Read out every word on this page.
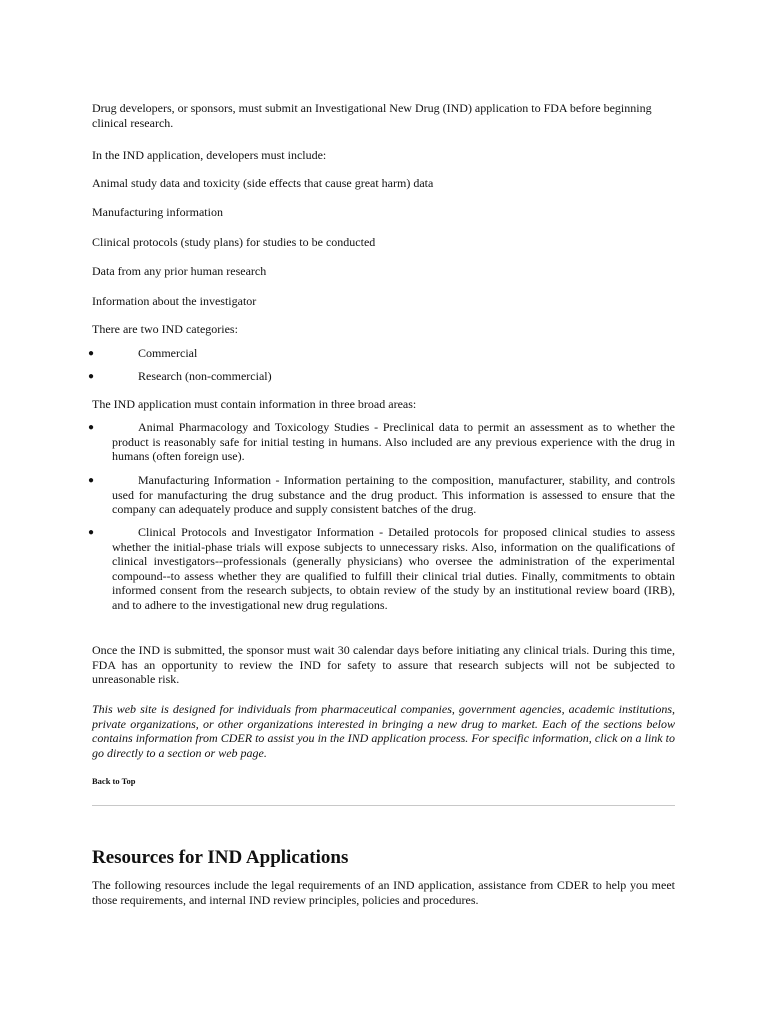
Drug developers, or sponsors, must submit an Investigational New Drug (IND) application to FDA before beginning clinical research.

In the IND application, developers must include:

Animal study data and toxicity (side effects that cause great harm) data

Manufacturing information

Clinical protocols (study plans) for studies to be conducted

Data from any prior human research

Information about the investigator

There are two IND categories:

●	Commercial

●	Research (non-commercial)

The IND application must contain information in three broad areas:

●	Animal Pharmacology and Toxicology Studies - Preclinical data to permit an assessment as to whether the product is reasonably safe for initial testing in humans. Also included are any previous experience with the drug in humans (often foreign use).

●	Manufacturing Information - Information pertaining to the composition, manufacturer, stability, and controls used for manufacturing the drug substance and the drug product. This information is assessed to ensure that the company can adequately produce and supply consistent batches of the drug.

●	Clinical Protocols and Investigator Information - Detailed protocols for proposed clinical studies to assess whether the initial-phase trials will expose subjects to unnecessary risks. Also, information on the qualifications of clinical investigators--professionals (generally physicians) who oversee the administration of the experimental compound--to assess whether they are qualified to fulfill their clinical trial duties. Finally, commitments to obtain informed consent from the research subjects, to obtain review of the study by an institutional review board (IRB), and to adhere to the investigational new drug regulations.

Once the IND is submitted, the sponsor must wait 30 calendar days before initiating any clinical trials. During this time, FDA has an opportunity to review the IND for safety to assure that research subjects will not be subjected to unreasonable risk.

This web site is designed for individuals from pharmaceutical companies, government agencies, academic institutions, private organizations, or other organizations interested in bringing a new drug to market. Each of the sections below contains information from CDER to assist you in the IND application process. For specific information, click on a link to go directly to a section or web page.

Back to Top
Resources for IND Applications

The following resources include the legal requirements of an IND application, assistance from CDER to help you meet those requirements, and internal IND review principles, policies and procedures.
